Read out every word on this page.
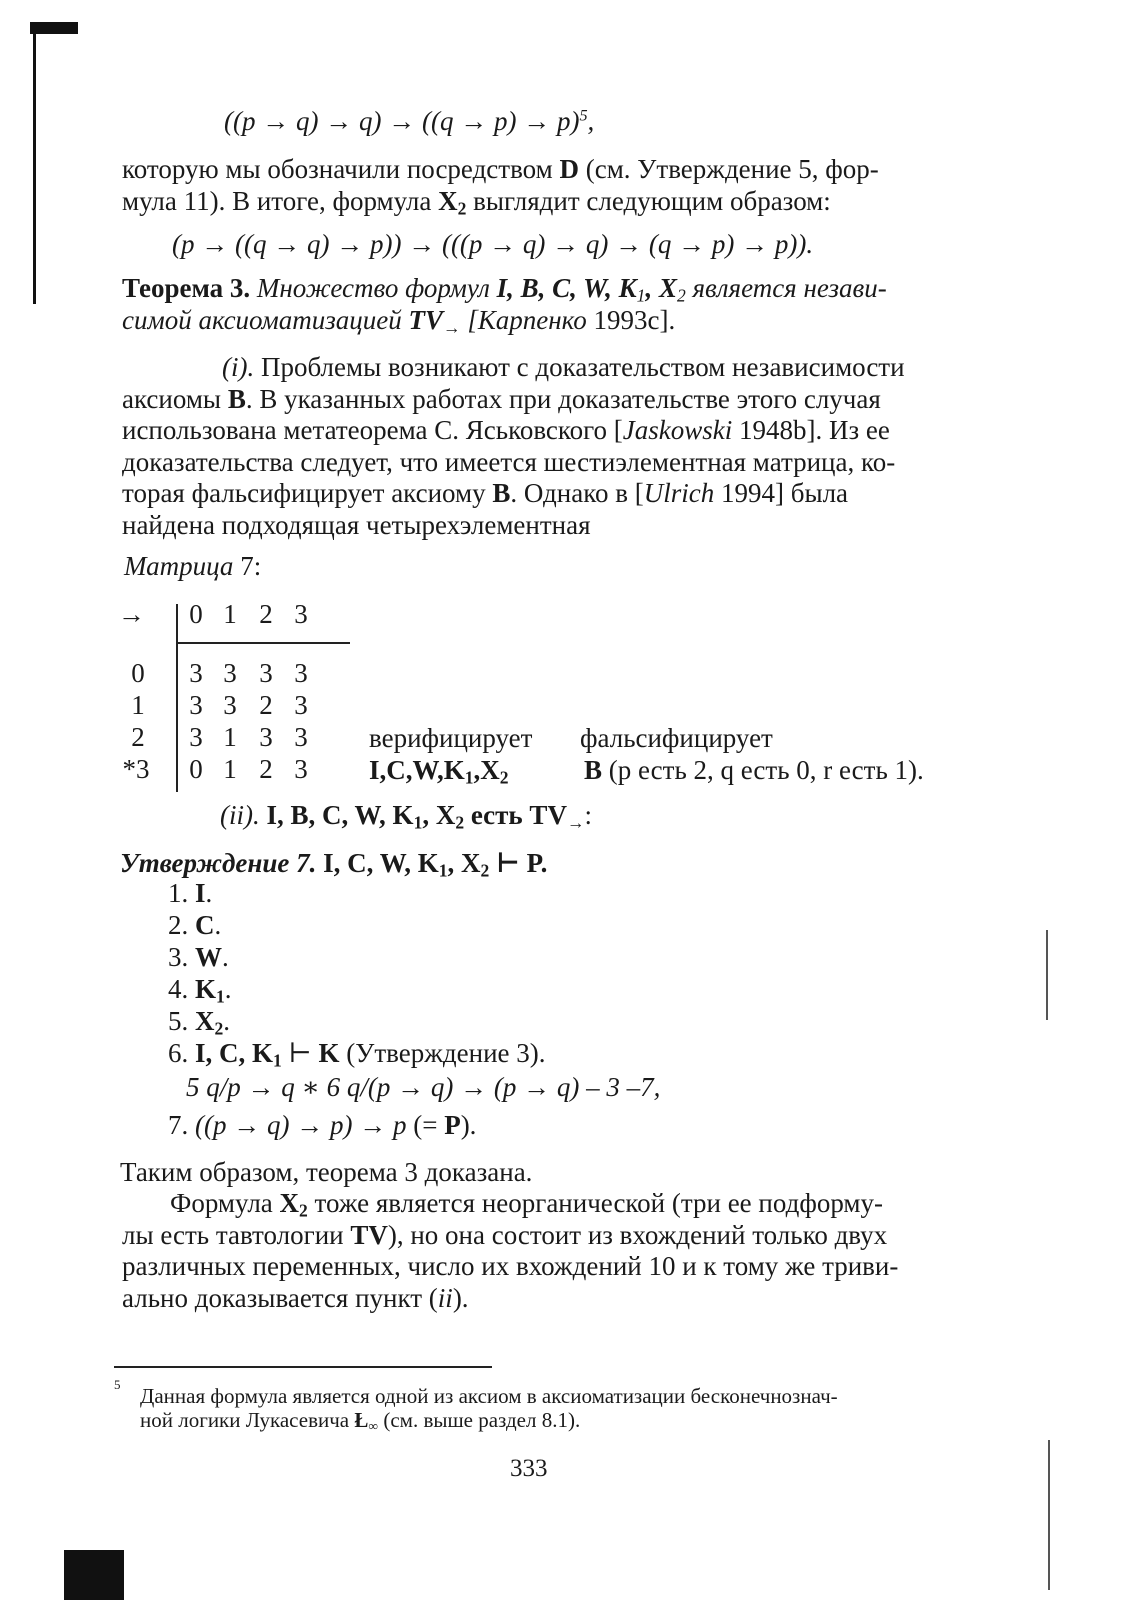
$((p \to q) \to q) \to ((q \to p) \to p)^5$,
которую мы обозначили посредством D (см. Утверждение 5, фор-
мула 11). В итоге, формула $X_2$ выглядит следующим образом:
(p → ((q → q) → p)) → (((p → q) → q) → (q → p) → p)).
Теорема 3. Множество формул I, B, C, W, $K_1$, $X_2$ является незави-
симой аксиоматизацией $TV_\to$ [Карпенко 1993c].
(i). Проблемы возникают с доказательством независимости
аксиомы B. В указанных работах при доказательстве этого случая
использована метатеорема С. Яськовского [Jaskowski 1948b]. Из ее
доказательства следует, что имеется шестиэлементная матрица, ко-
торая фальсифицирует аксиому B. Однако в [Ulrich 1994] была
найдена подходящая четырехэлементная
Матрица 7:
→	0 1 2 3
0
1
2
*3
3 3 3 3
3 3 2 3
3 1 3 3
0 1 2 3
верифицирует фальсифицирует
$I,C,W,K_1,X_2$	B (p есть 2, q есть 0, r есть 1).
(ii). I, B, C, W, $K_1$, $X_2$ есть $TV_\to$:
Утверждение 7. I, C, W, $K_1$, $X_2$ ⊢ P.
1. I.
2. C.
3. W.
4. $K_1$.
5. $X_2$.
6. I, C, $K_1$ ⊢ K (Утверждение 3).
5 q/p → q ∗ 6 q/(p → q) → (p → q) – 3 –7,
7. ((p → q) → p) → p (= P).
Таким образом, теорема 3 доказана.
Формула $X_2$ тоже является неорганической (три ее подформу-
лы есть тавтологии TV), но она состоит из вхождений только двух
различных переменных, число их вхождений 10 и к тому же триви-
ально доказывается пункт (ii).
5 Данная формула является одной из аксиом в аксиоматизации бесконечнознач-
ной логики Лукасевича $Ł_\infty$ (см. выше раздел 8.1).
333
